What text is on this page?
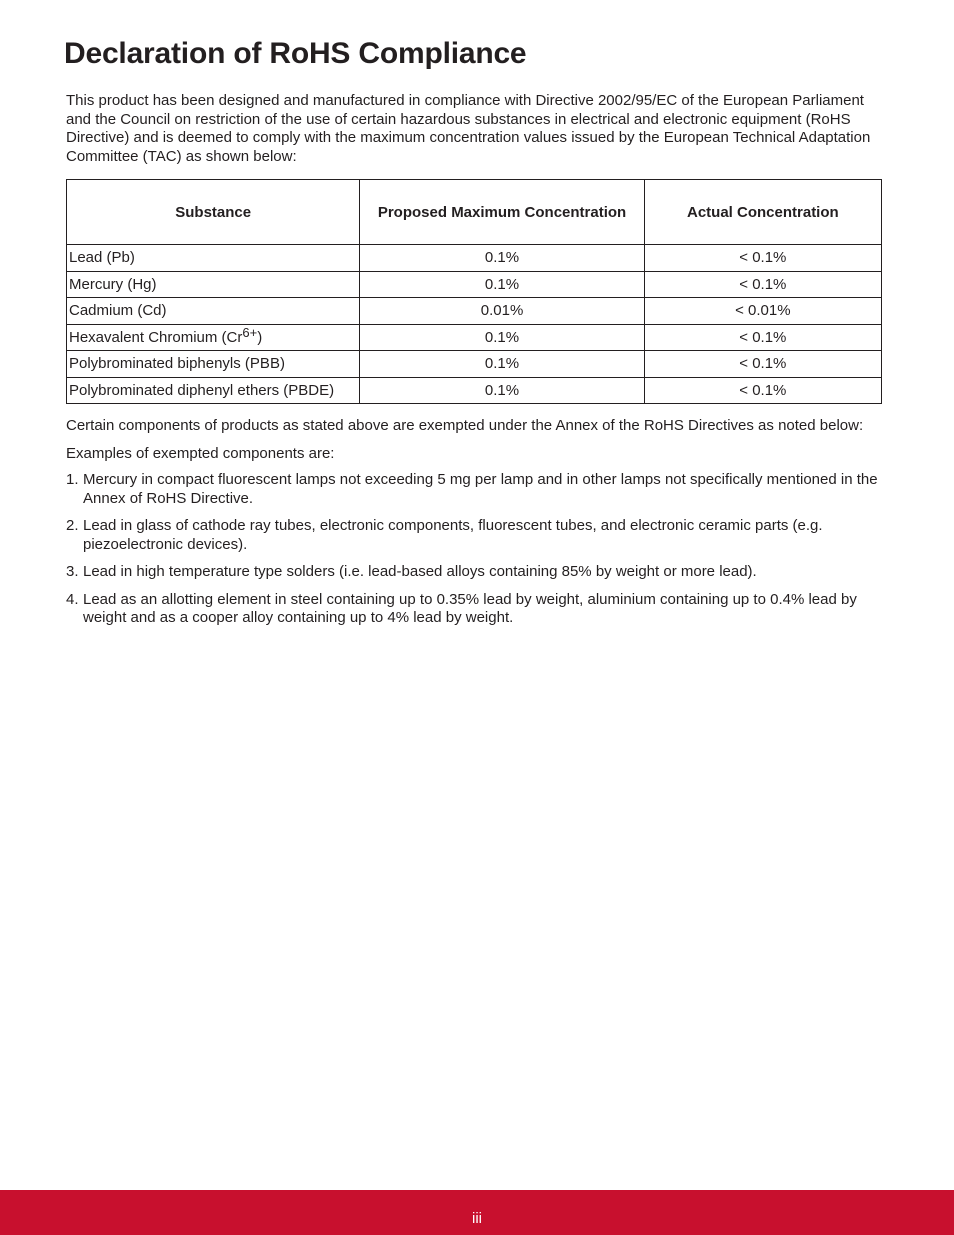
Declaration of RoHS Compliance

This product has been designed and manufactured in compliance with Directive 2002/95/EC of the European Parliament and the Council on restriction of the use of certain hazardous substances in electrical and electronic equipment (RoHS Directive) and is deemed to comply with the maximum concentration values issued by the European Technical Adaptation Committee (TAC) as shown below:

Substance	Proposed Maximum Concentration	Actual Concentration
Lead (Pb)	0.1%	< 0.1%
Mercury (Hg)	0.1%	< 0.1%
Cadmium (Cd)	0.01%	< 0.01%
Hexavalent Chromium $(Cr^{6+})$	0.1%	< 0.1%
Polybrominated biphenyls (PBB)	0.1%	< 0.1%
Polybrominated diphenyl ethers (PBDE)	0.1%	< 0.1%

Certain components of products as stated above are exempted under the Annex of the RoHS Directives as noted below:

Examples of exempted components are:

1. Mercury in compact fluorescent lamps not exceeding 5 mg per lamp and in other lamps not specifically mentioned in the Annex of RoHS Directive.
2. Lead in glass of cathode ray tubes, electronic components, fluorescent tubes, and electronic ceramic parts (e.g. piezoelectronic devices).
3. Lead in high temperature type solders (i.e. lead-based alloys containing 85% by weight or more lead).
4. Lead as an allotting element in steel containing up to 0.35% lead by weight, aluminium containing up to 0.4% lead by weight and as a cooper alloy containing up to 4% lead by weight.
iii
